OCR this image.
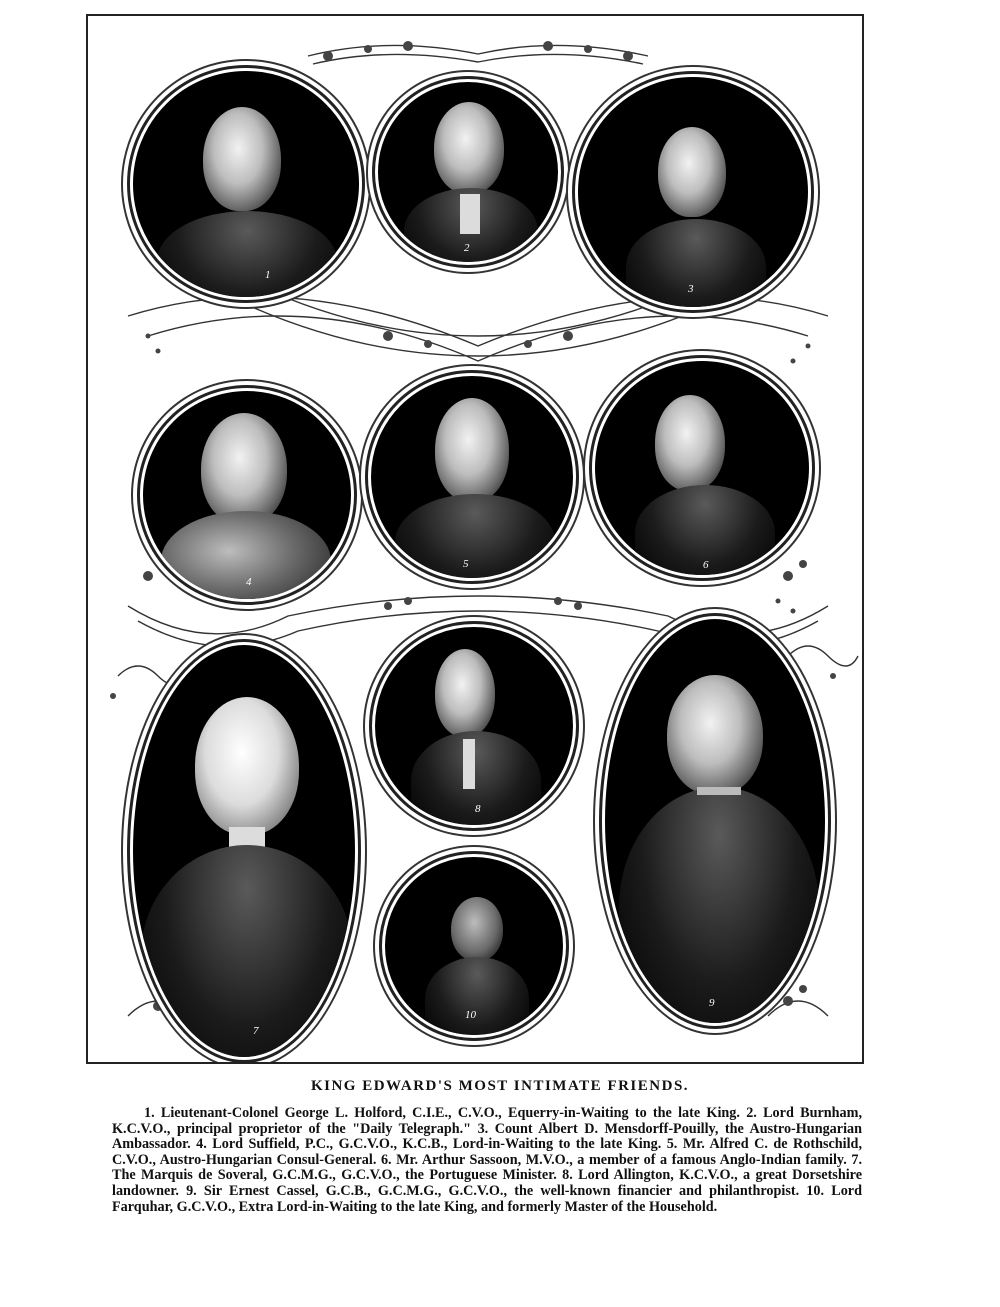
1
2
3
5	6
7
8
9
10
4
KING EDWARD'S MOST INTIMATE FRIENDS.

1. Lieutenant-Colonel George L. Holford, C.I.E., C.V.O., Equerry-in-Waiting to the late King. 2. Lord Burnham, K.C.V.O., principal proprietor of the "Daily Telegraph." 3. Count Albert D. Mensdorff-Pouilly, the Austro-Hungarian Ambassador. 4. Lord Suffield, P.C., G.C.V.O., K.C.B., Lord-in-Waiting to the late King. 5. Mr. Alfred C. de Rothschild, C.V.O., Austro-Hungarian Consul-General. 6. Mr. Arthur Sassoon, M.V.O., a member of a famous Anglo-Indian family. 7. The Marquis de Soveral, G.C.M.G., G.C.V.O., the Portuguese Minister. 8. Lord Allington, K.C.V.O., a great Dorsetshire landowner. 9. Sir Ernest Cassel, G.C.B., G.C.M.G., G.C.V.O., the well-known financier and philanthropist. 10. Lord Farquhar, G.C.V.O., Extra Lord-in-Waiting to the late King, and formerly Master of the Household.
